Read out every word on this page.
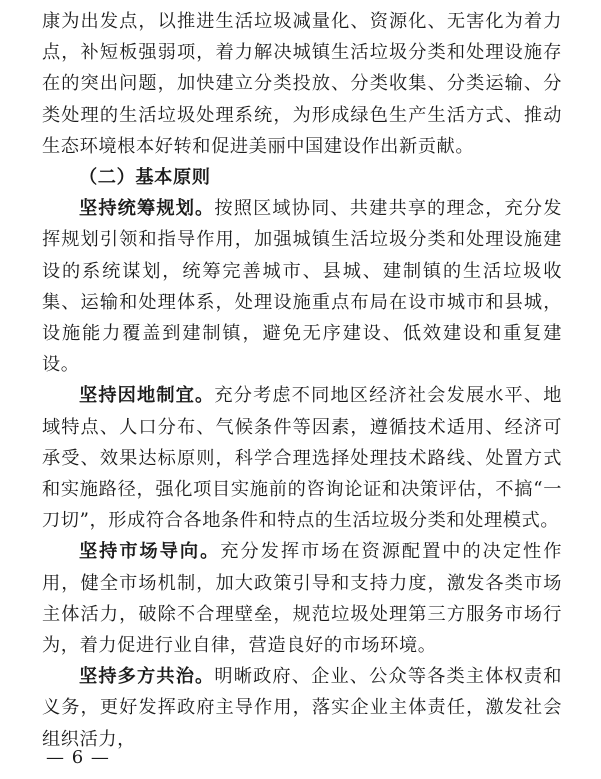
康为出发点，以推进生活垃圾减量化、资源化、无害化为着力点，补短板强弱项，着力解决城镇生活垃圾分类和处理设施存在的突出问题，加快建立分类投放、分类收集、分类运输、分类处理的生活垃圾处理系统，为形成绿色生产生活方式、推动生态环境根本好转和促进美丽中国建设作出新贡献。

（二）基本原则

坚持统筹规划。按照区域协同、共建共享的理念，充分发挥规划引领和指导作用，加强城镇生活垃圾分类和处理设施建设的系统谋划，统筹完善城市、县城、建制镇的生活垃圾收集、运输和处理体系，处理设施重点布局在设市城市和县城，设施能力覆盖到建制镇，避免无序建设、低效建设和重复建设。

坚持因地制宜。充分考虑不同地区经济社会发展水平、地域特点、人口分布、气候条件等因素，遵循技术适用、经济可承受、效果达标原则，科学合理选择处理技术路线、处置方式和实施路径，强化项目实施前的咨询论证和决策评估，不搞“一刀切”，形成符合各地条件和特点的生活垃圾分类和处理模式。

坚持市场导向。充分发挥市场在资源配置中的决定性作用，健全市场机制，加大政策引导和支持力度，激发各类市场主体活力，破除不合理壁垒，规范垃圾处理第三方服务市场行为，着力促进行业自律，营造良好的市场环境。

坚持多方共治。明晰政府、企业、公众等各类主体权责和义务，更好发挥政府主导作用，落实企业主体责任，激发社会组织活力，

— 6 —
